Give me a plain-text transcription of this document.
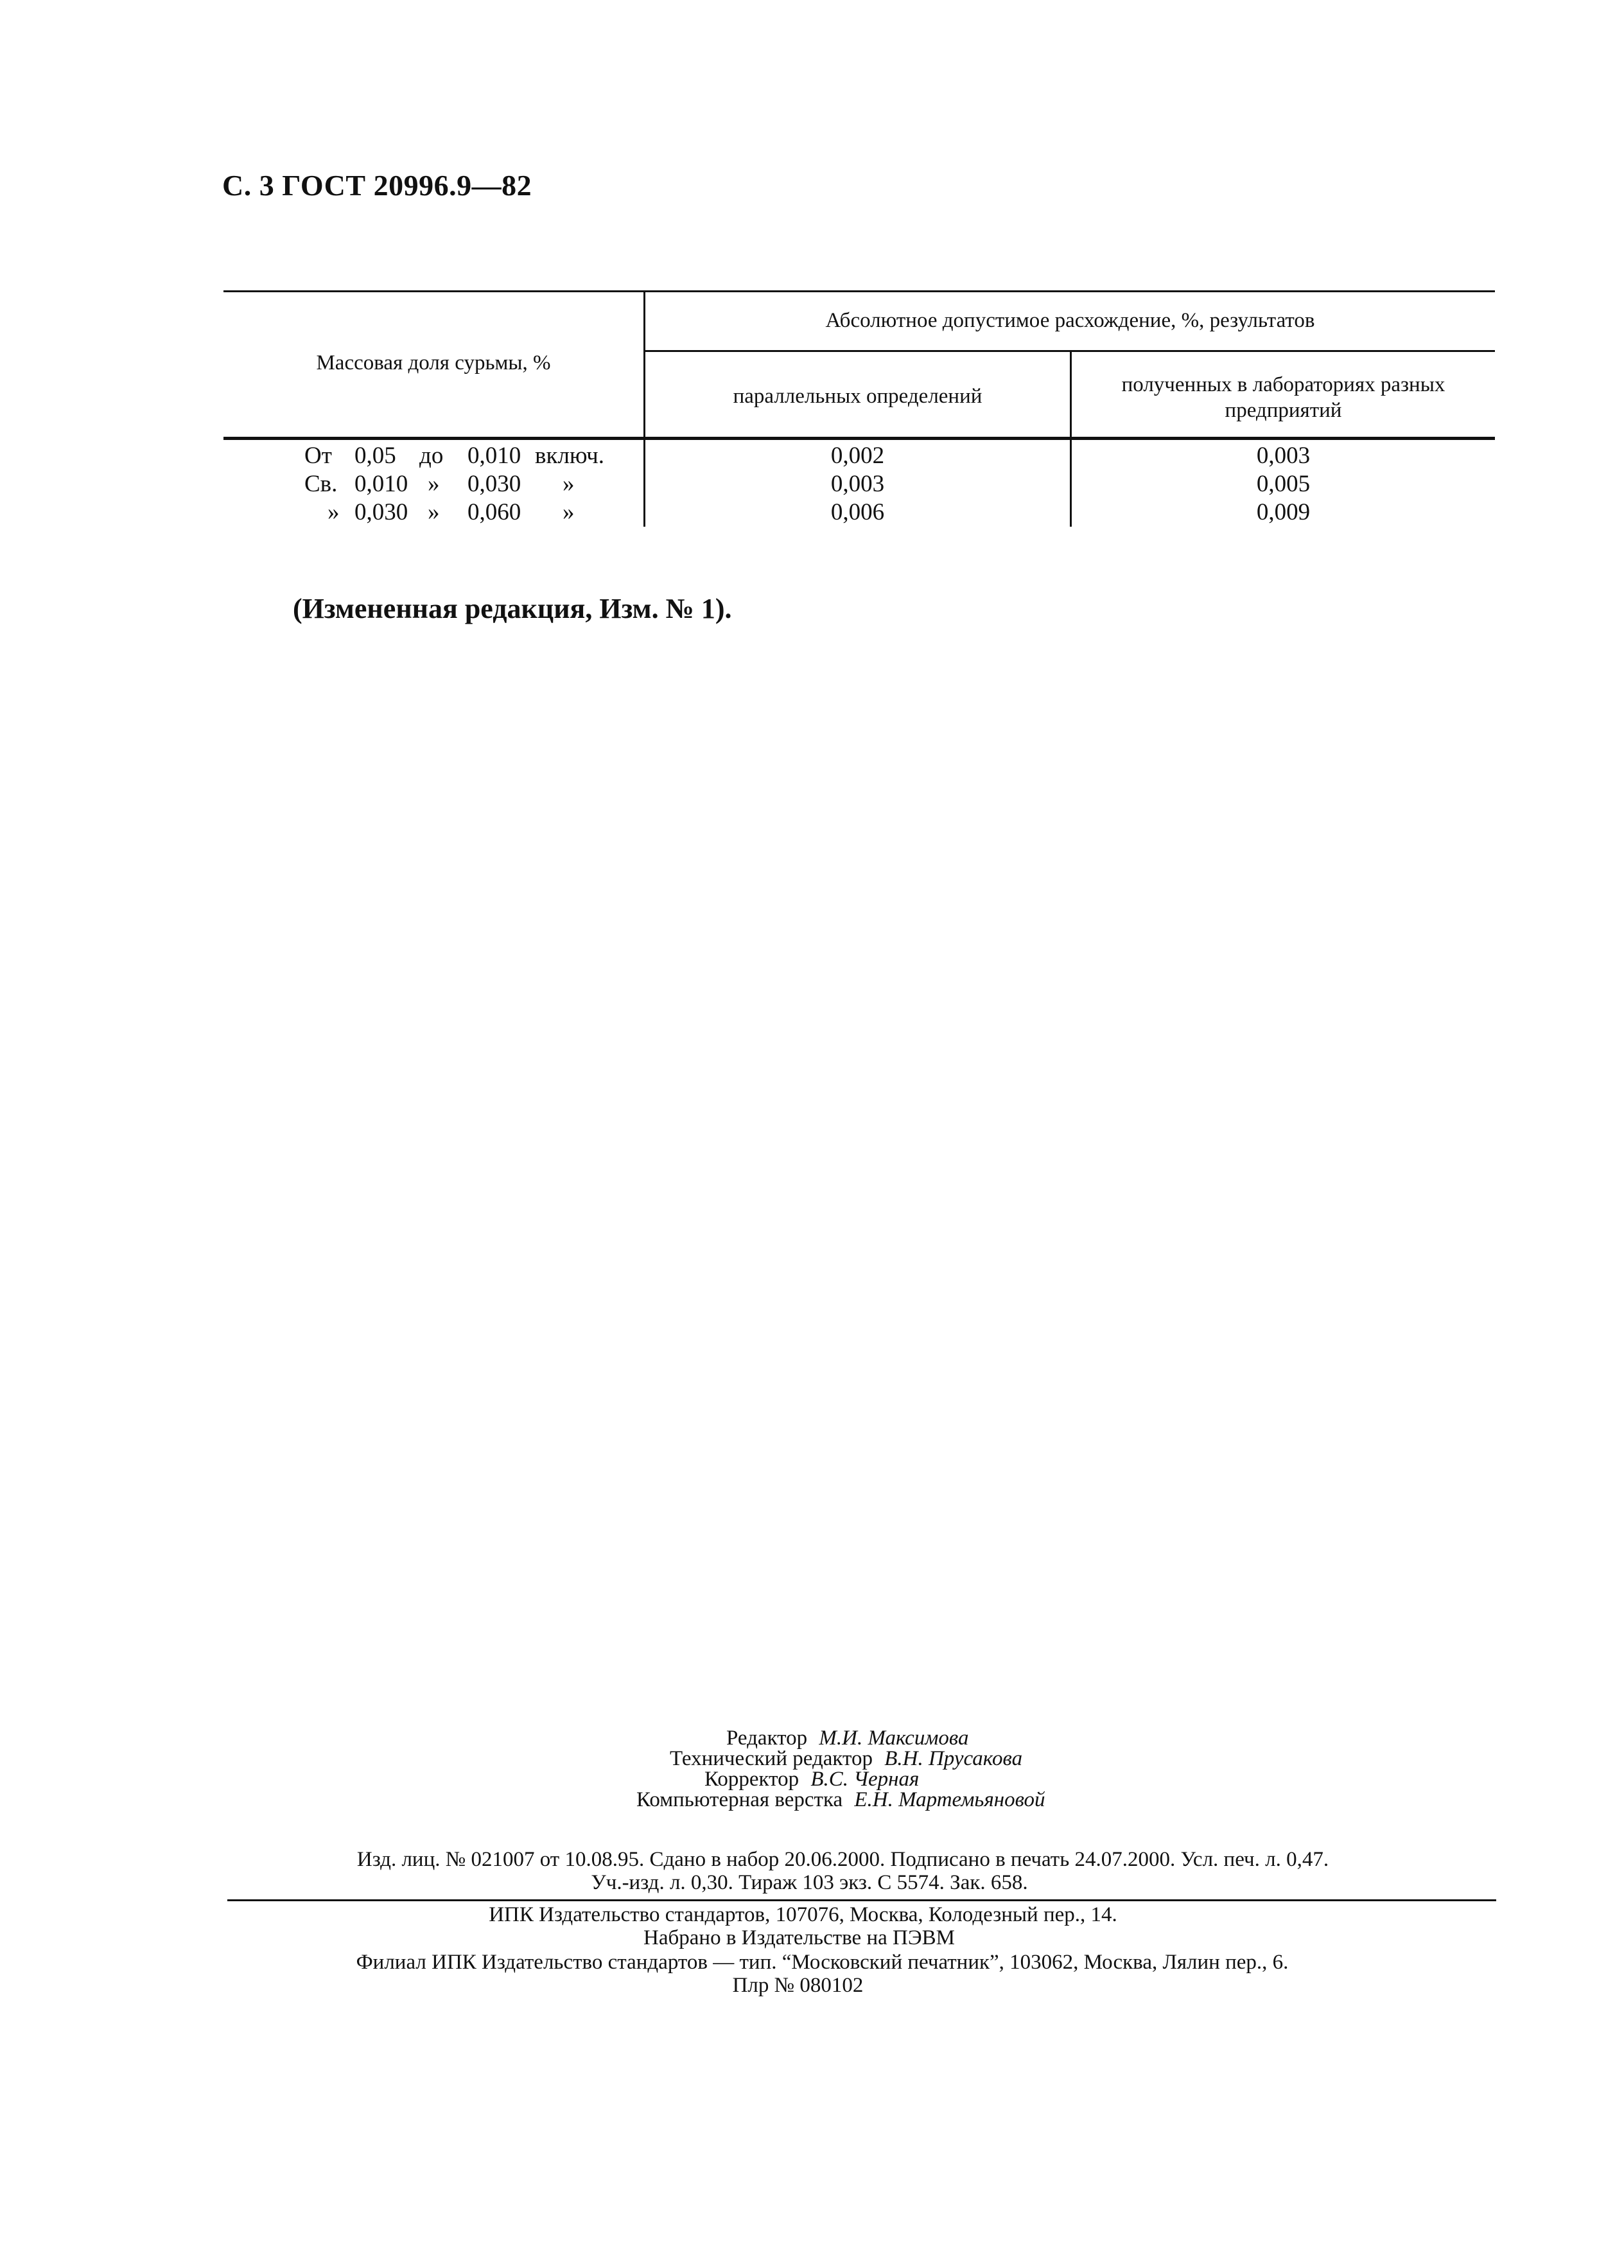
С. 3 ГОСТ 20996.9—82
Массовая доля сурьмы, %
Абсолютное допустимое расхождение, %, результатов
параллельных определений	полученных в лабораториях разных
предприятий
От 0,05 до 0,010 включ.	0,002	0,003
Св. 0,010 » 0,030 »	0,003	0,005
» 0,030 » 0,060 »	0,006	0,009
(Измененная редакция, Изм. № 1).
Редактор М.И. Максимова
Технический редактор В.Н. Прусакова
Корректор В.С. Черная
Компьютерная верстка Е.Н. Мартемьяновой
Изд. лиц. № 021007 от 10.08.95. Сдано в набор 20.06.2000. Подписано в печать 24.07.2000. Усл. печ. л. 0,47.
Уч.-изд. л. 0,30. Тираж 103 экз. С 5574. Зак. 658.
ИПК Издательство стандартов, 107076, Москва, Колодезный пер., 14.
Набрано в Издательстве на ПЭВМ
Филиал ИПК Издательство стандартов — тип. “Московский печатник”, 103062, Москва, Лялин пер., 6.
Плр № 080102
